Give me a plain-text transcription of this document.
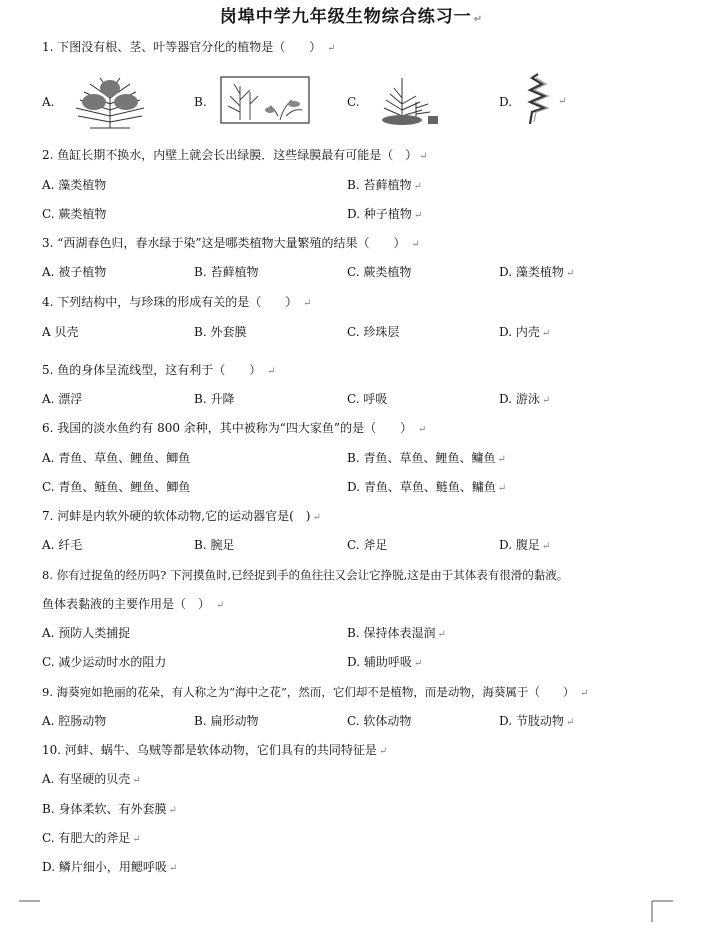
岗埠中学九年级生物综合练习一 ↵
1. 下图没有根、茎、叶等器官分化的植物是（　　） ↵
A.	B.	C.	D.	↵
2. 鱼缸长期不换水，内壁上就会长出绿膜．这些绿膜最有可能是（　） ↵
A. 藻类植物	B. 苔藓植物 ↵
C. 蕨类植物	D. 种子植物 ↵
3. “西湖春色归，春水绿于染”这是哪类植物大量繁殖的结果（　　） ↵
A. 被子植物	B. 苔藓植物	C. 蕨类植物	D. 藻类植物 ↵
4. 下列结构中，与珍珠的形成有关的是（　　） ↵
A 贝壳	B. 外套膜	C. 珍珠层	D. 内壳 ↵
5. 鱼的身体呈流线型，这有利于（　　） ↵
A. 漂浮	B. 升降	C. 呼吸	D. 游泳 ↵
6. 我国的淡水鱼约有 800 余种，其中被称为“四大家鱼”的是（　　） ↵
A. 青鱼、草鱼、鲤鱼、鲫鱼	B. 青鱼、草鱼、鲤鱼、鳙鱼 ↵
C. 青鱼、鲢鱼、鲤鱼、鲫鱼	D. 青鱼、草鱼、鲢鱼、鳙鱼 ↵
7. 河蚌是内软外硬的软体动物,它的运动器官是(　) ↵
A. 纤毛	B. 腕足	C. 斧足	D. 腹足 ↵
8. 你有过捉鱼的经历吗? 下河摸鱼时,已经捉到手的鱼往往又会让它挣脱,这是由于其体表有很滑的黏液。
鱼体表黏液的主要作用是（　） ↵
A. 预防人类捕捉	B. 保持体表湿润 ↵
C. 减少运动时水的阻力	D. 辅助呼吸 ↵
9. 海葵宛如艳丽的花朵，有人称之为“海中之花”，然而，它们却不是植物，而是动物，海葵属于（　　） ↵
A. 腔肠动物	B. 扁形动物	C. 软体动物	D. 节肢动物 ↵
10. 河蚌、蜗牛、乌贼等都是软体动物，它们具有的共同特征是 ↵
A. 有坚硬的贝壳 ↵
B. 身体柔软、有外套膜 ↵
C. 有肥大的斧足 ↵
D. 鳞片细小，用鳃呼吸 ↵
